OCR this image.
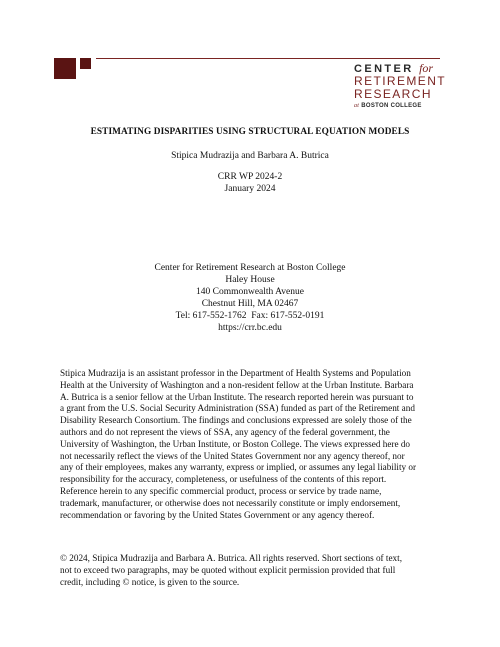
CENTER for
RETIREMENT
RESEARCH
at BOSTON COLLEGE
ESTIMATING DISPARITIES USING STRUCTURAL EQUATION MODELS
Stipica Mudrazija and Barbara A. Butrica
CRR WP 2024-2
January 2024
Center for Retirement Research at Boston College
Haley House
140 Commonwealth Avenue
Chestnut Hill, MA 02467
Tel: 617-552-1762  Fax: 617-552-0191
https://crr.bc.edu
Stipica Mudrazija is an assistant professor in the Department of Health Systems and Population
Health at the University of Washington and a non-resident fellow at the Urban Institute. Barbara
A. Butrica is a senior fellow at the Urban Institute. The research reported herein was pursuant to
a grant from the U.S. Social Security Administration (SSA) funded as part of the Retirement and
Disability Research Consortium. The findings and conclusions expressed are solely those of the
authors and do not represent the views of SSA, any agency of the federal government, the
University of Washington, the Urban Institute, or Boston College. The views expressed here do
not necessarily reflect the views of the United States Government nor any agency thereof, nor
any of their employees, makes any warranty, express or implied, or assumes any legal liability or
responsibility for the accuracy, completeness, or usefulness of the contents of this report.
Reference herein to any specific commercial product, process or service by trade name,
trademark, manufacturer, or otherwise does not necessarily constitute or imply endorsement,
recommendation or favoring by the United States Government or any agency thereof.
© 2024, Stipica Mudrazija and Barbara A. Butrica. All rights reserved. Short sections of text,
not to exceed two paragraphs, may be quoted without explicit permission provided that full
credit, including © notice, is given to the source.
